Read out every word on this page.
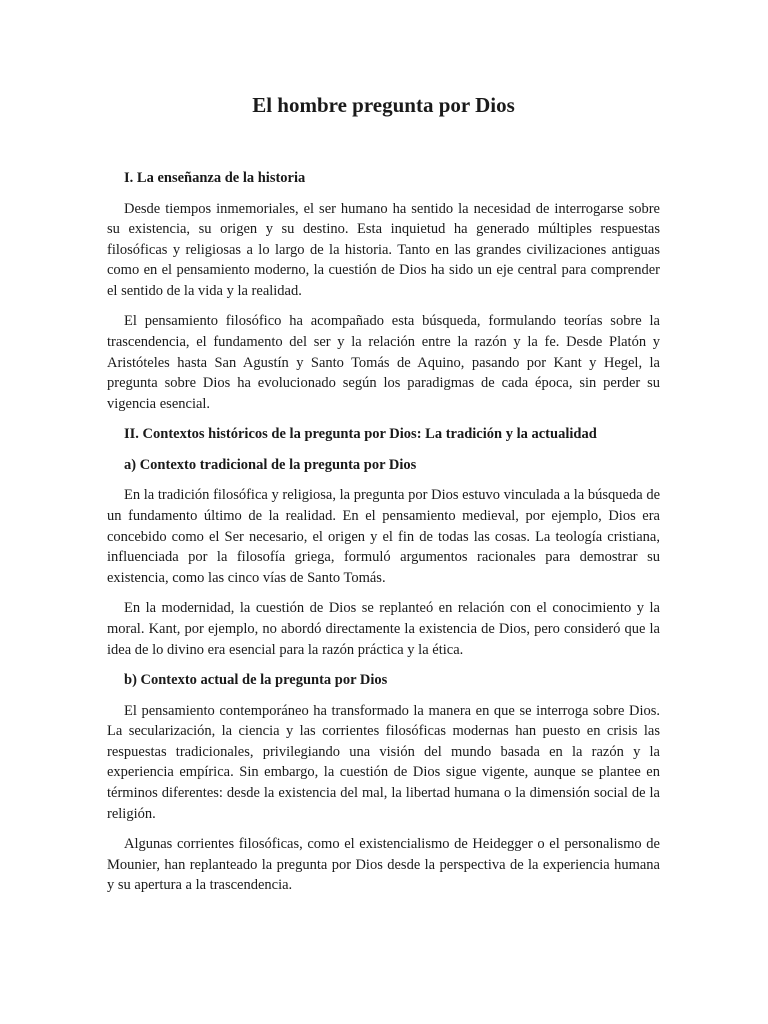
El hombre pregunta por Dios
I. La enseñanza de la historia

Desde tiempos inmemoriales, el ser humano ha sentido la necesidad de interrogarse sobre su existencia, su origen y su destino. Esta inquietud ha generado múltiples respuestas filosóficas y religiosas a lo largo de la historia. Tanto en las grandes civilizaciones antiguas como en el pensamiento moderno, la cuestión de Dios ha sido un eje central para comprender el sentido de la vida y la realidad.

El pensamiento filosófico ha acompañado esta búsqueda, formulando teorías sobre la trascendencia, el fundamento del ser y la relación entre la razón y la fe. Desde Platón y Aristóteles hasta San Agustín y Santo Tomás de Aquino, pasando por Kant y Hegel, la pregunta sobre Dios ha evolucionado según los paradigmas de cada época, sin perder su vigencia esencial.

II. Contextos históricos de la pregunta por Dios: La tradición y la actualidad
a) Contexto tradicional de la pregunta por Dios

En la tradición filosófica y religiosa, la pregunta por Dios estuvo vinculada a la búsqueda de un fundamento último de la realidad. En el pensamiento medieval, por ejemplo, Dios era concebido como el Ser necesario, el origen y el fin de todas las cosas. La teología cristiana, influenciada por la filosofía griega, formuló argumentos racionales para demostrar su existencia, como las cinco vías de Santo Tomás.

En la modernidad, la cuestión de Dios se replanteó en relación con el conocimiento y la moral. Kant, por ejemplo, no abordó directamente la existencia de Dios, pero consideró que la idea de lo divino era esencial para la razón práctica y la ética.

b) Contexto actual de la pregunta por Dios

El pensamiento contemporáneo ha transformado la manera en que se interroga sobre Dios. La secularización, la ciencia y las corrientes filosóficas modernas han puesto en crisis las respuestas tradicionales, privilegiando una visión del mundo basada en la razón y la experiencia empírica. Sin embargo, la cuestión de Dios sigue vigente, aunque se plantee en términos diferentes: desde la existencia del mal, la libertad humana o la dimensión social de la religión.

Algunas corrientes filosóficas, como el existencialismo de Heidegger o el personalismo de Mounier, han replanteado la pregunta por Dios desde la perspectiva de la experiencia humana y su apertura a la trascendencia.
